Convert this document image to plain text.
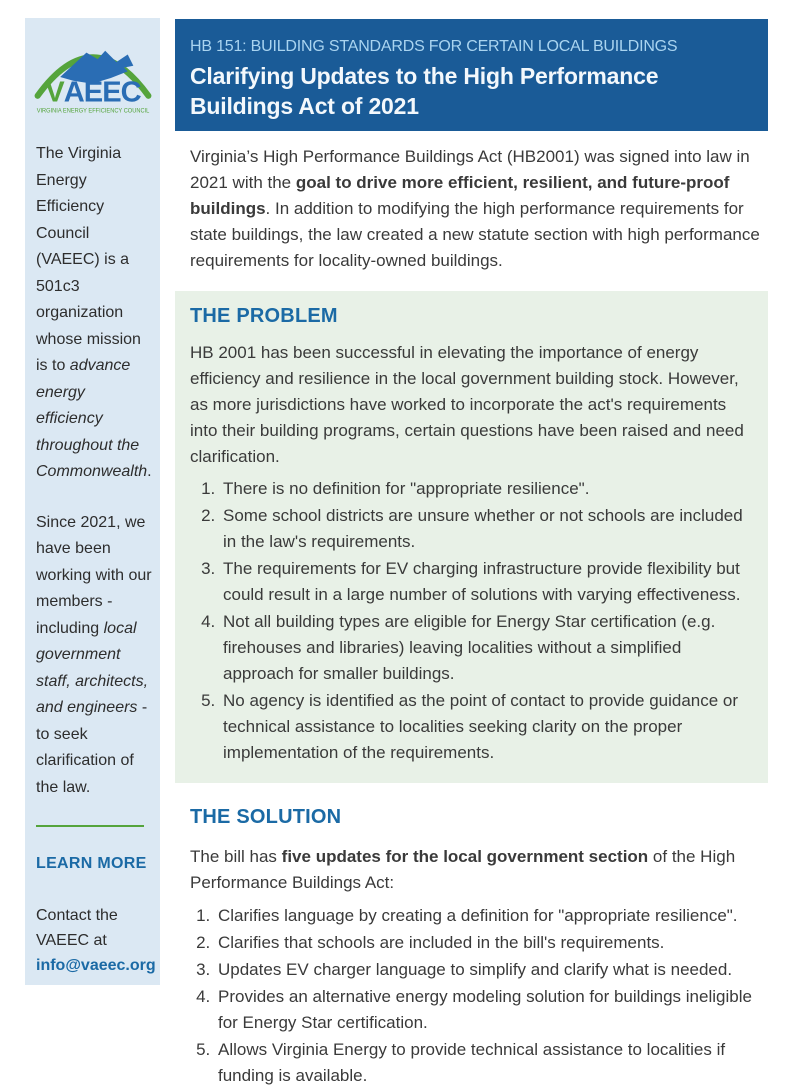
VAEEC
VIRGINIA ENERGY EFFICIENCY COUNCIL

The Virginia Energy Efficiency Council (VAEEC) is a 501c3 organization whose mission is to advance energy efficiency throughout the Commonwealth.

Since 2021, we have been working with our members - including local government staff, architects, and engineers - to seek clarification of the law.

LEARN MORE
Contact the VAEEC at
info@vaeec.org

HB 151: BUILDING STANDARDS FOR CERTAIN LOCAL BUILDINGS

Clarifying Updates to the High Performance Buildings Act of 2021

Virginia’s High Performance Buildings Act (HB2001) was signed into law in 2021 with the goal to drive more efficient, resilient, and future-proof buildings. In addition to modifying the high performance requirements for state buildings, the law created a new statute section with high performance requirements for locality-owned buildings.

THE PROBLEM

HB 2001 has been successful in elevating the importance of energy efficiency and resilience in the local government building stock. However, as more jurisdictions have worked to incorporate the act's requirements into their building programs, certain questions have been raised and need clarification.

1. There is no definition for "appropriate resilience".
2. Some school districts are unsure whether or not schools are included in the law's requirements.
3. The requirements for EV charging infrastructure provide flexibility but could result in a large number of solutions with varying effectiveness.
4. Not all building types are eligible for Energy Star certification (e.g. firehouses and libraries) leaving localities without a simplified approach for smaller buildings.
5. No agency is identified as the point of contact to provide guidance or technical assistance to localities seeking clarity on the proper implementation of the requirements.
THE SOLUTION

The bill has five updates for the local government section of the High Performance Buildings Act:

1. Clarifies language by creating a definition for "appropriate resilience".
2. Clarifies that schools are included in the bill's requirements.
3. Updates EV charger language to simplify and clarify what is needed.
4. Provides an alternative energy modeling solution for buildings ineligible for Energy Star certification.
5. Allows Virginia Energy to provide technical assistance to localities if funding is available.
